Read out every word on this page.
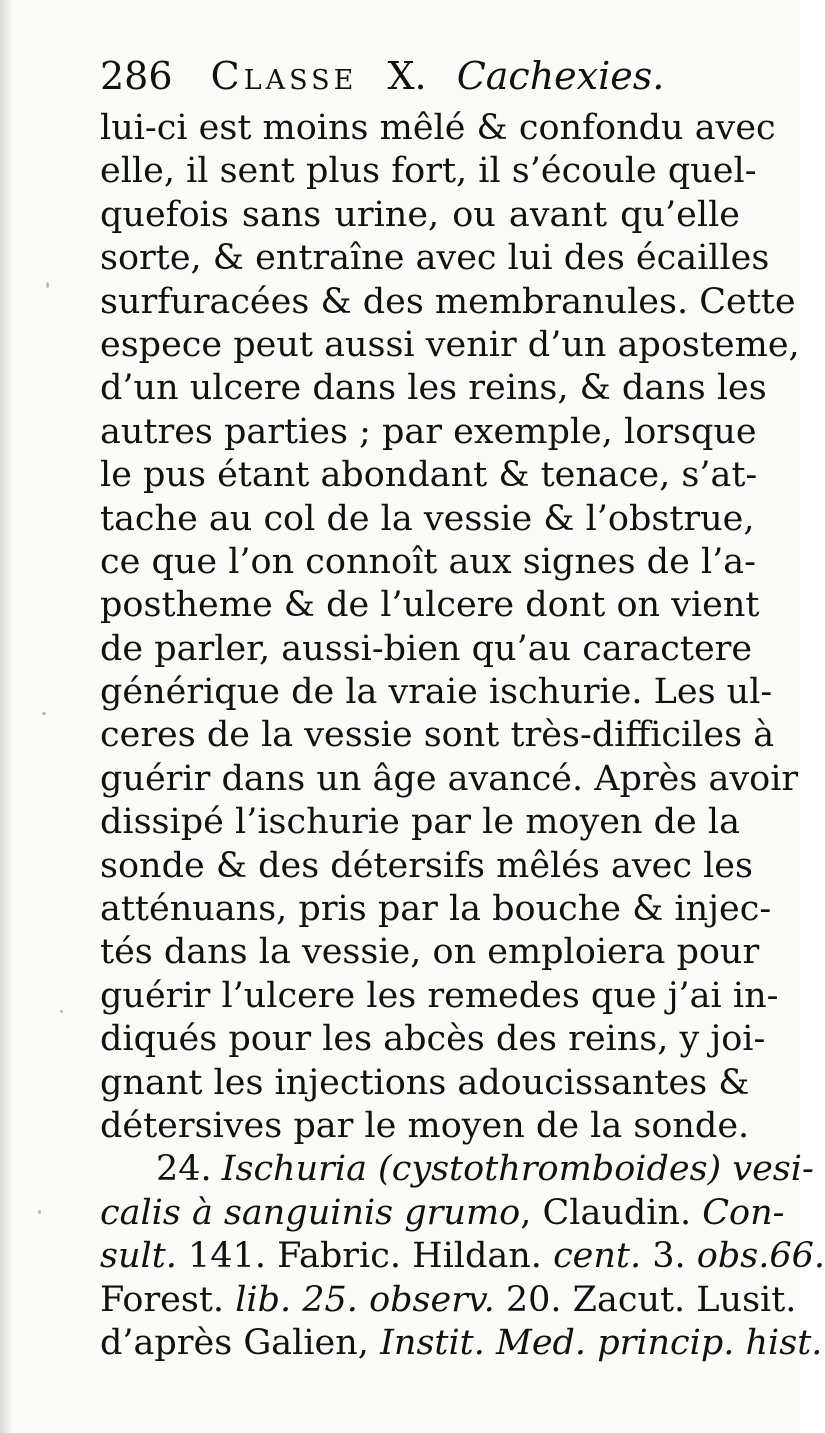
286 Classe X. Cachexies.
lui-ci est moins mêlé & confondu avec
elle, il sent plus fort, il s’écoule quel-
quefois sans urine, ou avant qu’elle
sorte, & entraîne avec lui des écailles
surfuracées & des membranules. Cette
espece peut aussi venir d’un aposteme,
d’un ulcere dans les reins, & dans les
autres parties ; par exemple, lorsque
le pus étant abondant & tenace, s’at-
tache au col de la vessie & l’obstrue,
ce que l’on connoît aux signes de l’a-
postheme & de l’ulcere dont on vient
de parler, aussi-bien qu’au caractere
générique de la vraie ischurie. Les ul-
ceres de la vessie sont très-difficiles à
guérir dans un âge avancé. Après avoir
dissipé l’ischurie par le moyen de la
sonde & des détersifs mêlés avec les
atténuans, pris par la bouche & injec-
tés dans la vessie, on emploiera pour
guérir l’ulcere les remedes que j’ai in-
diqués pour les abcès des reins, y joi-
gnant les injections adoucissantes &
détersives par le moyen de la sonde.
24. Ischuria (cystothromboides) vesi-
calis à sanguinis grumo, Claudin. Con-
sult. 141. Fabric. Hildan. cent. 3. obs.66.
Forest. lib. 25. observ. 20. Zacut. Lusit.
d’après Galien, Instit. Med. princip. hist.
